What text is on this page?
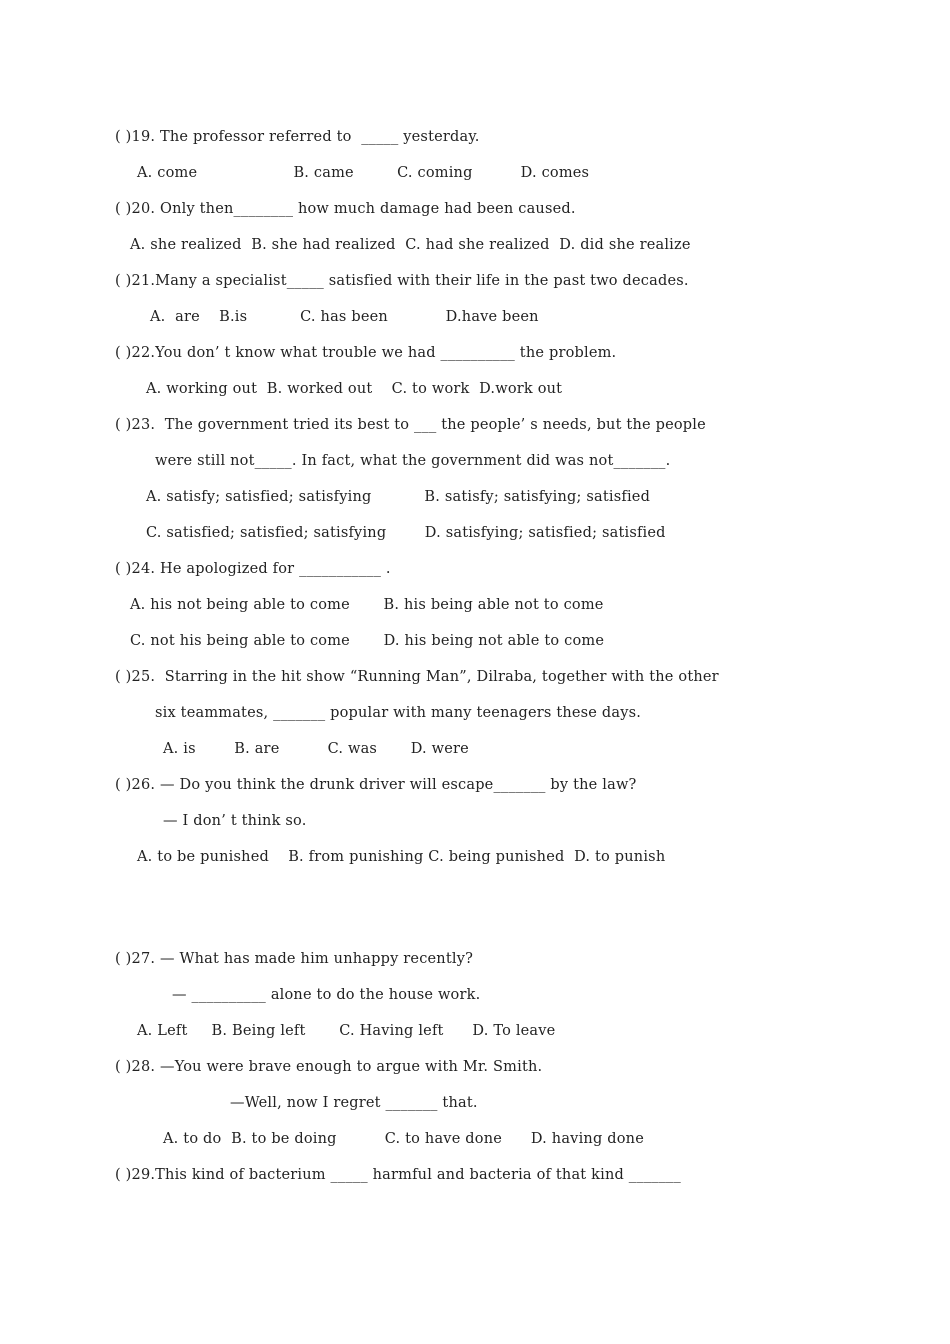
( )19. The professor referred to  _____ yesterday.
A. come                    B. came         C. coming          D. comes
( )20. Only then________ how much damage had been caused.
A. she realized  B. she had realized  C. had she realized  D. did she realize
( )21.Many a specialist_____ satisfied with their life in the past two decades.
A.  are    B.is           C. has been            D.have been
( )22.You don’ t know what trouble we had __________ the problem.
A. working out  B. worked out    C. to work  D.work out
( )23.  The government tried its best to ___ the people’ s needs, but the people
were still not_____. In fact, what the government did was not_______.
A. satisfy; satisfied; satisfying           B. satisfy; satisfying; satisfied
C. satisfied; satisfied; satisfying        D. satisfying; satisfied; satisfied
( )24. He apologized for ___________ .
A. his not being able to come       B. his being able not to come
C. not his being able to come       D. his being not able to come
( )25.  Starring in the hit show “Running Man”, Dilraba, together with the other
six teammates, _______ popular with many teenagers these days.
A. is        B. are          C. was       D. were
( )26. — Do you think the drunk driver will escape_______ by the law?
— I don’ t think so.
A. to be punished    B. from punishing C. being punished  D. to punish
( )27. — What has made him unhappy recently?
— __________ alone to do the house work.
A. Left     B. Being left       C. Having left      D. To leave
( )28. —You were brave enough to argue with Mr. Smith.
—Well, now I regret _______ that.
A. to do  B. to be doing          C. to have done      D. having done
( )29.This kind of bacterium _____ harmful and bacteria of that kind _______
